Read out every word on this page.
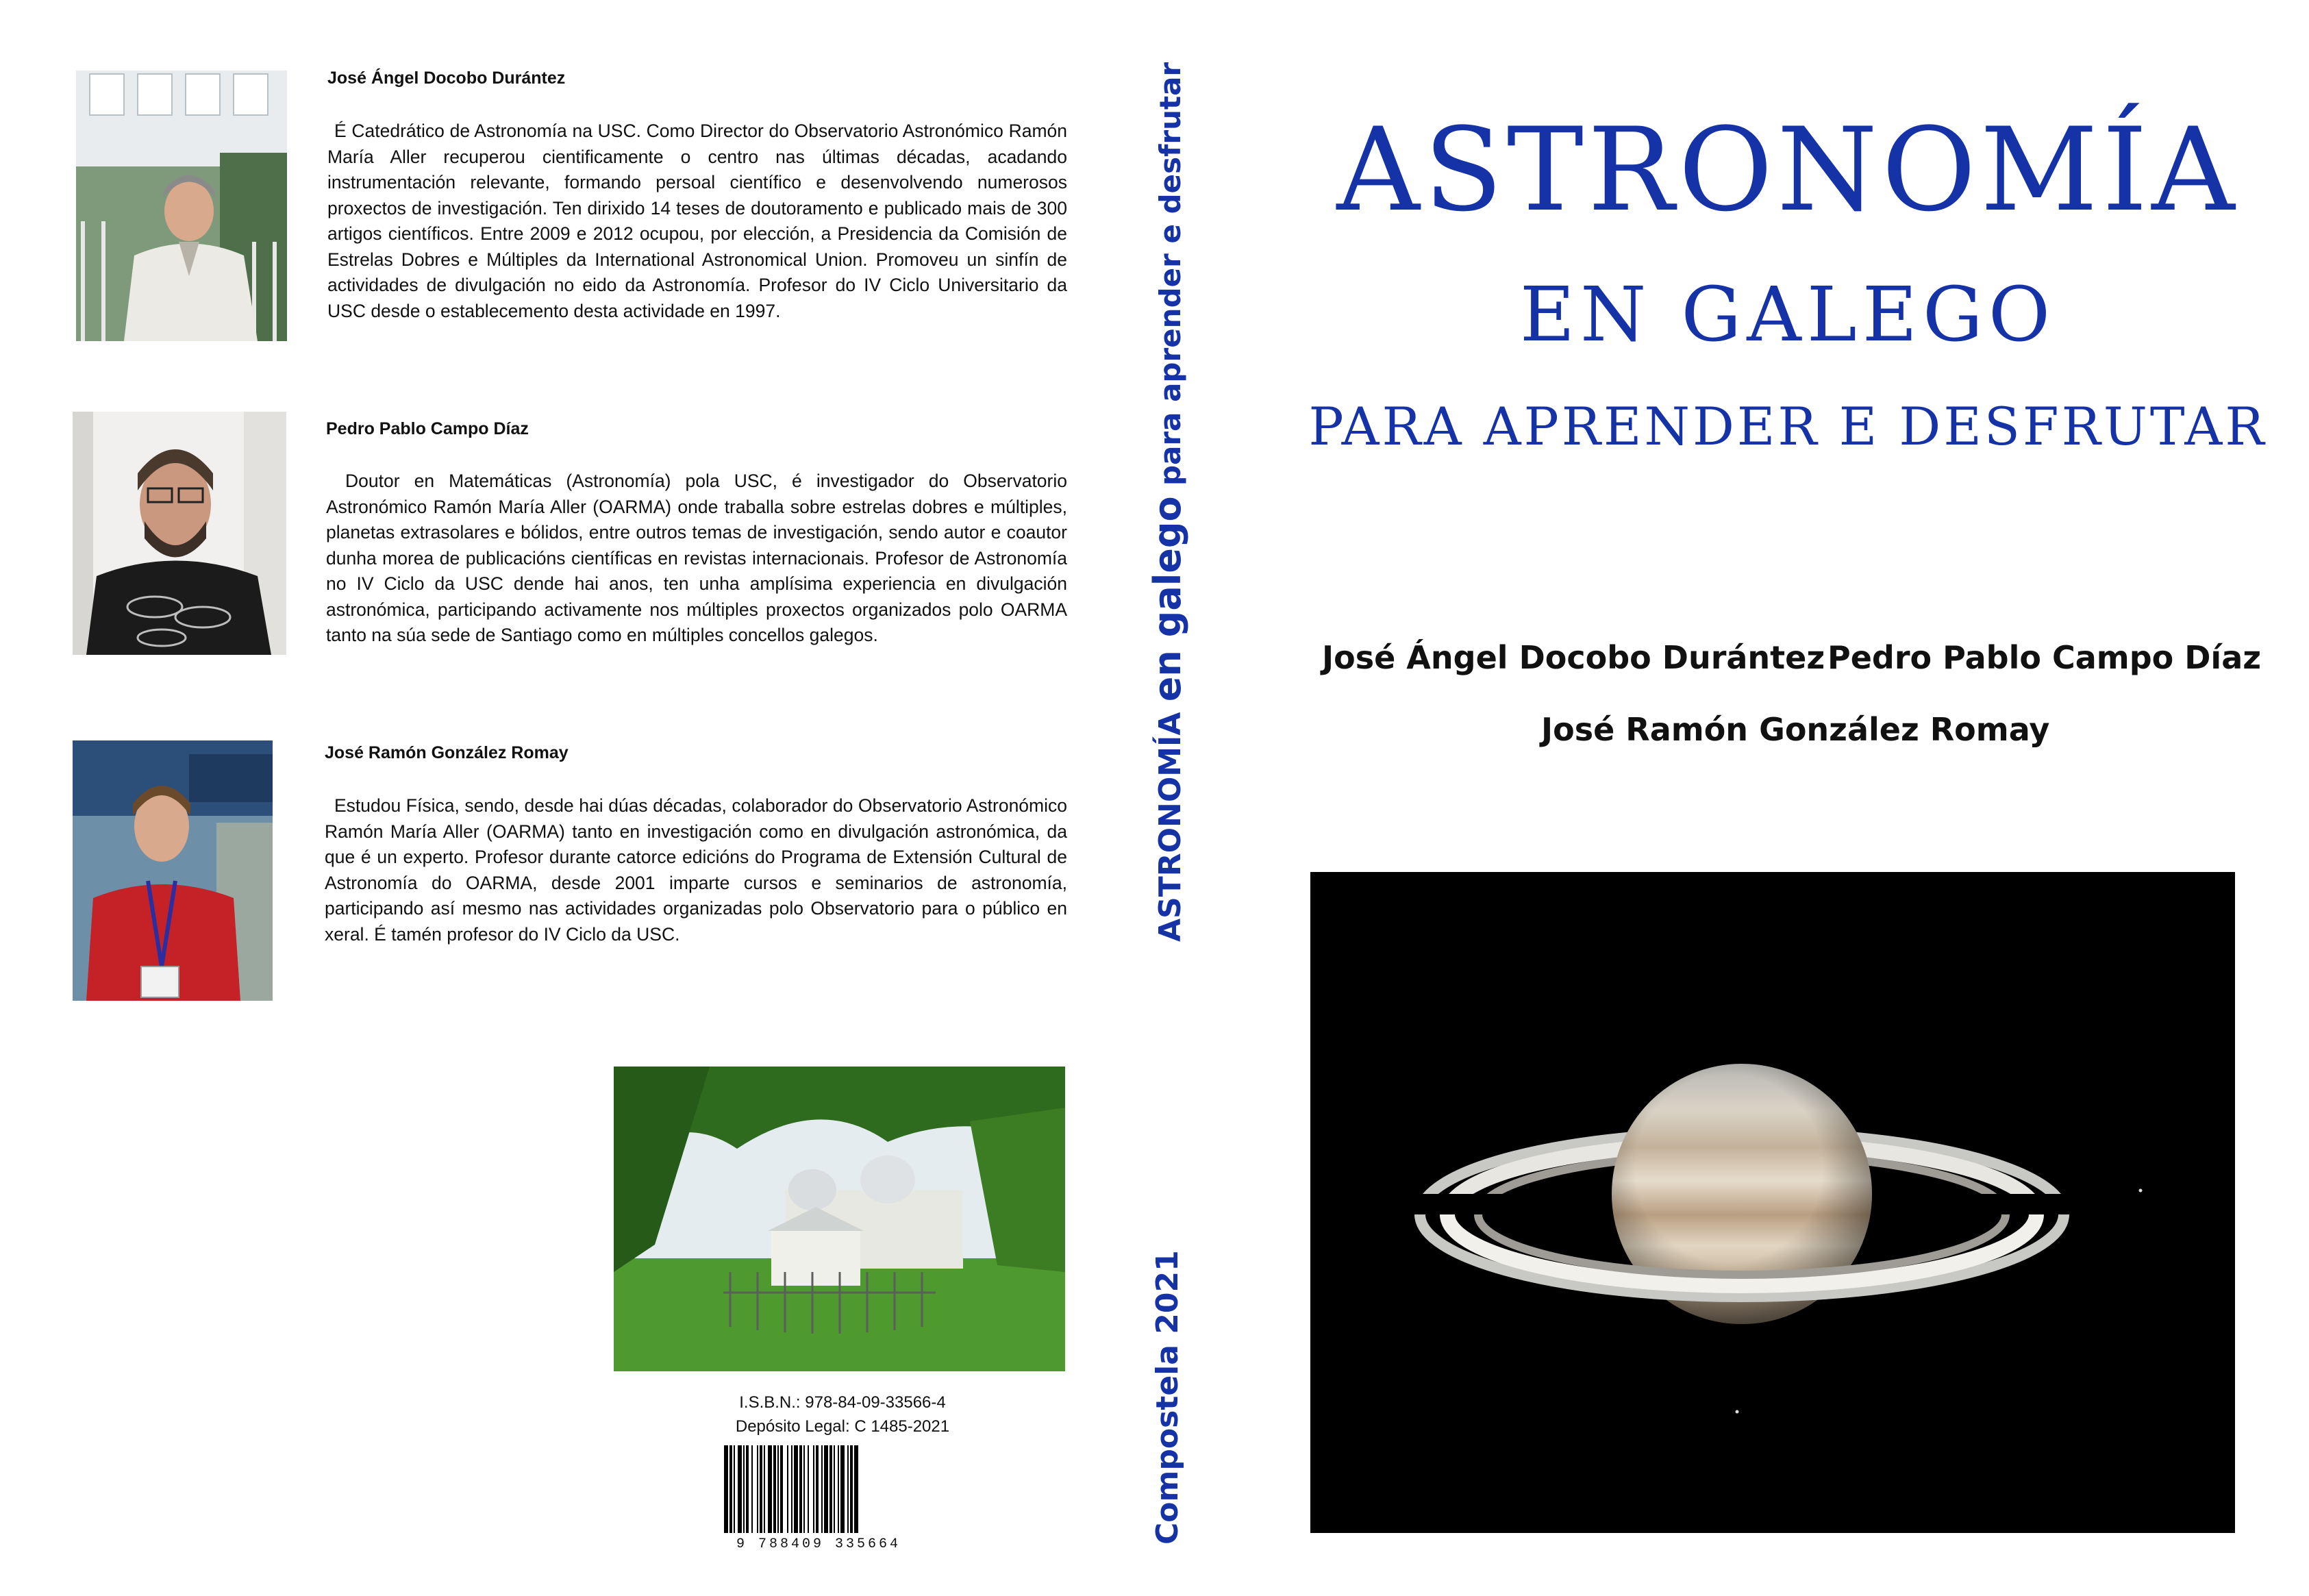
José Ángel Docobo Durántez
É Catedrático de Astronomía na USC. Como Director do Observatorio Astronómico Ramón María Aller recuperou cientificamente o centro nas últimas décadas, acadando instrumentación relevante, formando persoal científico e desenvolvendo numerosos proxectos de investigación. Ten dirixido 14 teses de doutoramento e publicado mais de 300 artigos científicos. Entre 2009 e 2012 ocupou, por elección, a Presidencia da Comisión de Estrelas Dobres e Múltiples da International Astronomical Union. Promoveu un sinfín de actividades de divulgación no eido da Astronomía. Profesor do IV Ciclo Universitario da USC desde o establecemento desta actividade en 1997.
Pedro Pablo Campo Díaz
Doutor en Matemáticas (Astronomía) pola USC, é investigador do Observatorio Astronómico Ramón María Aller (OARMA) onde traballa sobre estrelas dobres e múltiples, planetas extrasolares e bólidos, entre outros temas de investigación, sendo autor e coautor dunha morea de publicacións científicas en revistas internacionais. Profesor de Astronomía no IV Ciclo da USC dende hai anos, ten unha amplísima experiencia en divulgación astronómica, participando activamente nos múltiples proxectos organizados polo OARMA tanto na súa sede de Santiago como en múltiples concellos galegos.
José Ramón González Romay
Estudou Física, sendo, desde hai dúas décadas, colaborador do Observatorio Astronómico Ramón María Aller (OARMA) tanto en investigación como en divulgación astronómica, da que é un experto. Profesor durante catorce edicións do Programa de Extensión Cultural de Astronomía do OARMA, desde 2001 imparte cursos e seminarios de astronomía, participando así mesmo nas actividades organizadas polo Observatorio para o público en xeral. É tamén profesor do IV Ciclo da USC.
I.S.B.N.: 978-84-09-33566-4
Depósito Legal: C 1485-2021
9 788409 335664
ASTRONOMÍA en galego para aprender e desfrutar
Compostela 2021
ASTRONOMÍA
EN GALEGO
PARA APRENDER E DESFRUTAR
José Ángel Docobo Durántez Pedro Pablo Campo Díaz
José Ramón González Romay
